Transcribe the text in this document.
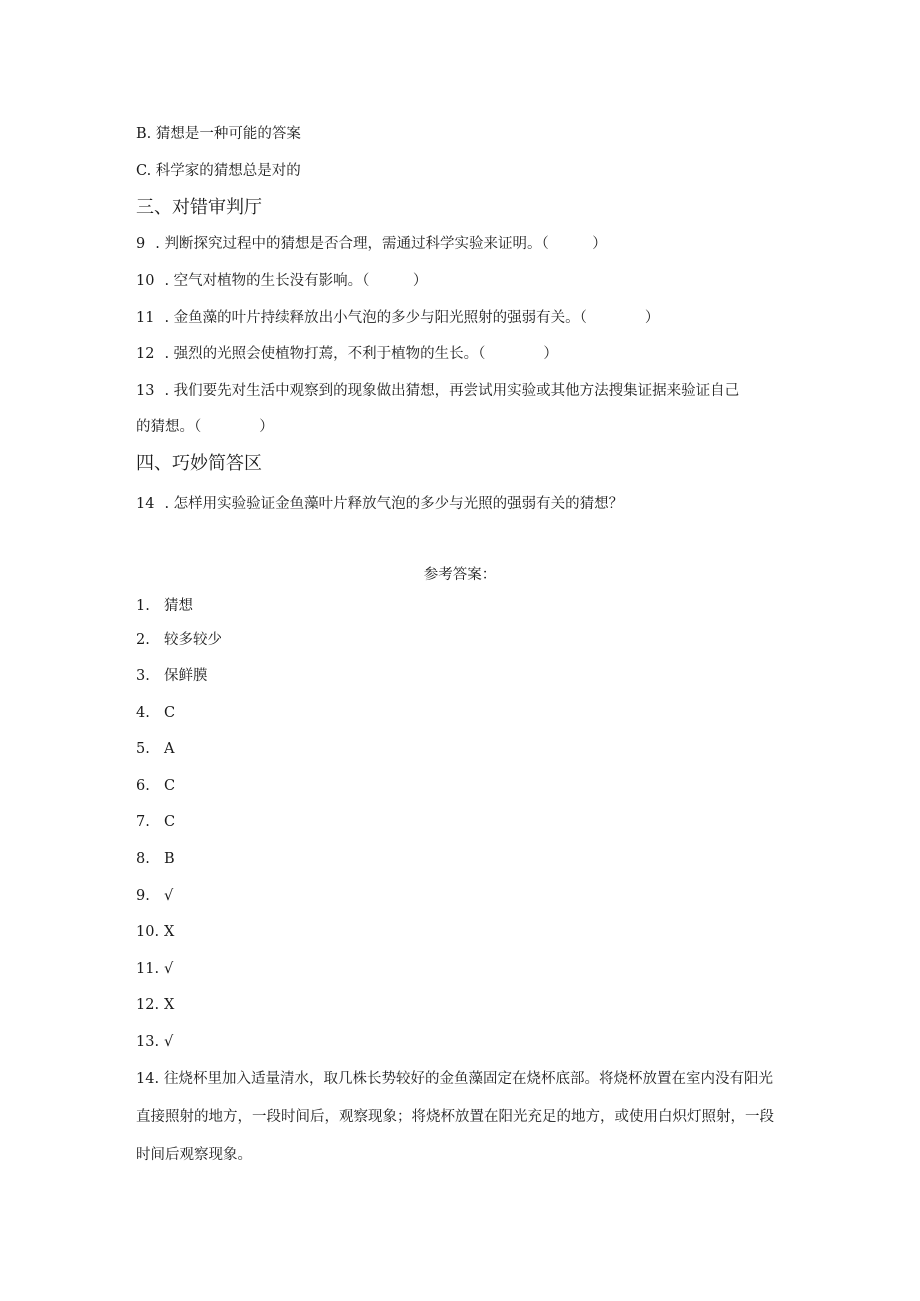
B. 猜想是一种可能的答案
C. 科学家的猜想总是对的
三、对错审判厅
9 . 判断探究过程中的猜想是否合理，需通过科学实验来证明。（　　　）
10 . 空气对植物的生长没有影响。（　　　）
11 . 金鱼藻的叶片持续释放出小气泡的多少与阳光照射的强弱有关。（　　　　）
12 . 强烈的光照会使植物打蔫，不利于植物的生长。（　　　　）
13 . 我们要先对生活中观察到的现象做出猜想，再尝试用实验或其他方法搜集证据来验证自己
的猜想。（　　　　）
四、巧妙简答区
14 . 怎样用实验验证金鱼藻叶片释放气泡的多少与光照的强弱有关的猜想？
参考答案：
1. 猜想
2. 较多较少
3. 保鲜膜
4. C
5. A
6. C
7. C
8. B
9. √
10. X
11. √
12. X
13. √
14. 往烧杯里加入适量清水，取几株长势较好的金鱼藻固定在烧杯底部。将烧杯放置在室内没有阳光直接照射的地方，一段时间后，观察现象；将烧杯放置在阳光充足的地方，或使用白炽灯照射，一段时间后观察现象。
